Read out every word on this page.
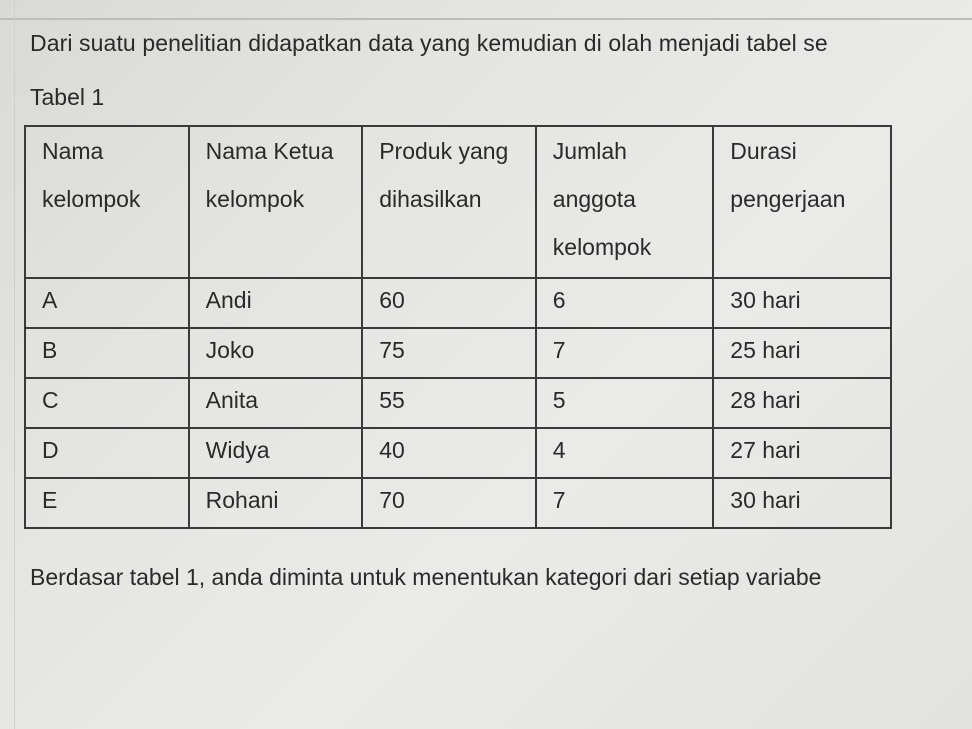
Dari suatu penelitian didapatkan data yang kemudian di olah menjadi tabel se
Tabel 1
Nama kelompok	Nama Ketua kelompok	Produk yang dihasilkan	Jumlah anggota kelompok	Durasi pengerjaan
A	Andi	60	6	30 hari
B	Joko	75	7	25 hari
C	Anita	55	5	28 hari
D	Widya	40	4	27 hari
E	Rohani	70	7	30 hari
Berdasar tabel 1, anda diminta untuk menentukan kategori dari setiap variabe
